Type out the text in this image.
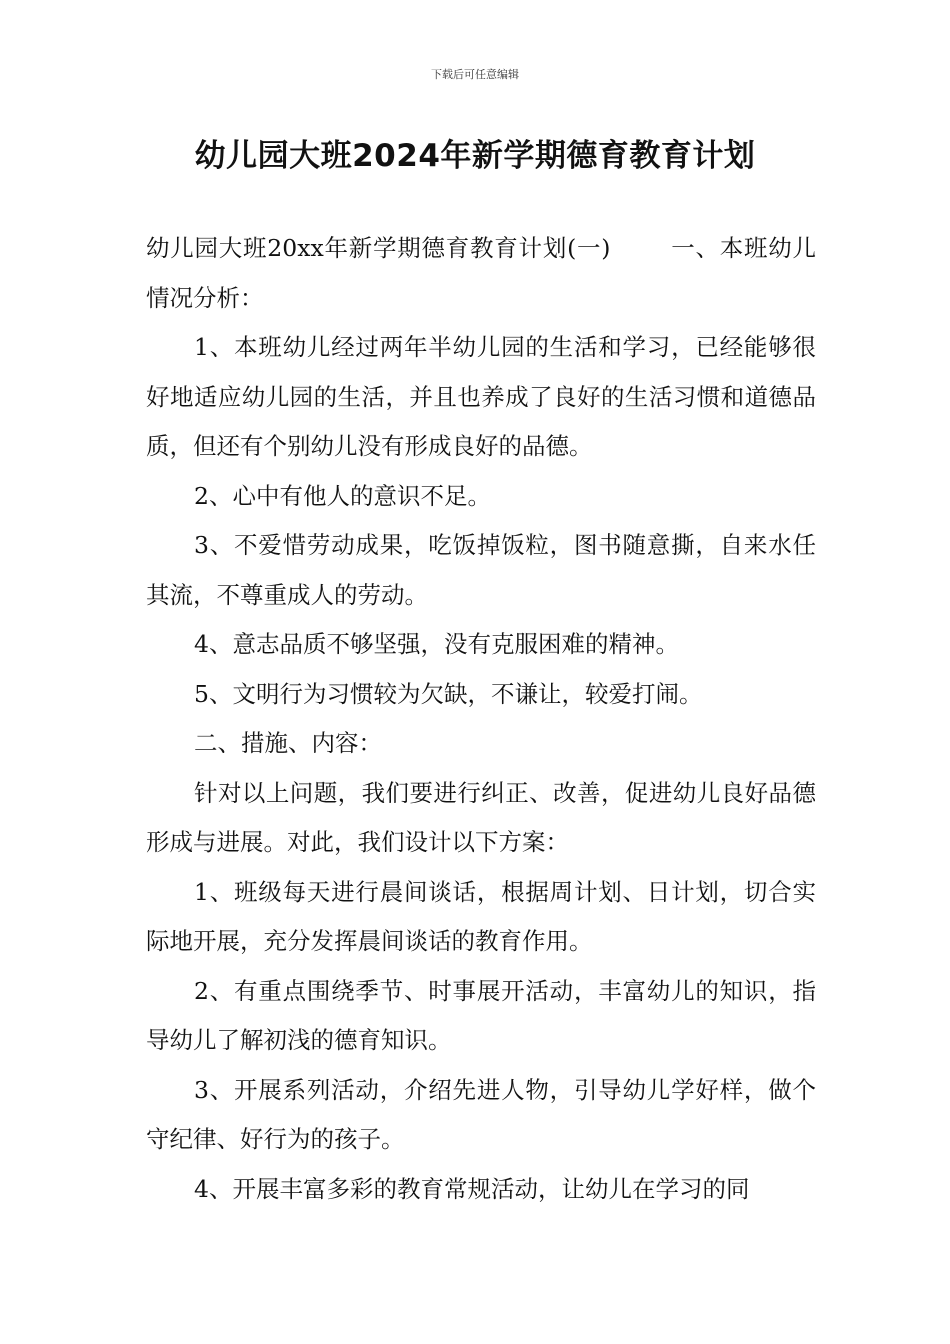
下载后可任意编辑
幼儿园大班2024年新学期德育教育计划

幼儿园大班20xx年新学期德育教育计划(一)	一、本班幼儿情况分析：

1、本班幼儿经过两年半幼儿园的生活和学习，已经能够很好地适应幼儿园的生活，并且也养成了良好的生活习惯和道德品质，但还有个别幼儿没有形成良好的品德。

2、心中有他人的意识不足。

3、不爱惜劳动成果，吃饭掉饭粒，图书随意撕，自来水任其流，不尊重成人的劳动。

4、意志品质不够坚强，没有克服困难的精神。

5、文明行为习惯较为欠缺，不谦让，较爱打闹。

二、措施、内容：

针对以上问题，我们要进行纠正、改善，促进幼儿良好品德形成与进展。对此，我们设计以下方案：

1、班级每天进行晨间谈话，根据周计划、日计划，切合实际地开展，充分发挥晨间谈话的教育作用。

2、有重点围绕季节、时事展开活动，丰富幼儿的知识，指导幼儿了解初浅的德育知识。

3、开展系列活动，介绍先进人物，引导幼儿学好样，做个守纪律、好行为的孩子。

4、开展丰富多彩的教育常规活动，让幼儿在学习的同
